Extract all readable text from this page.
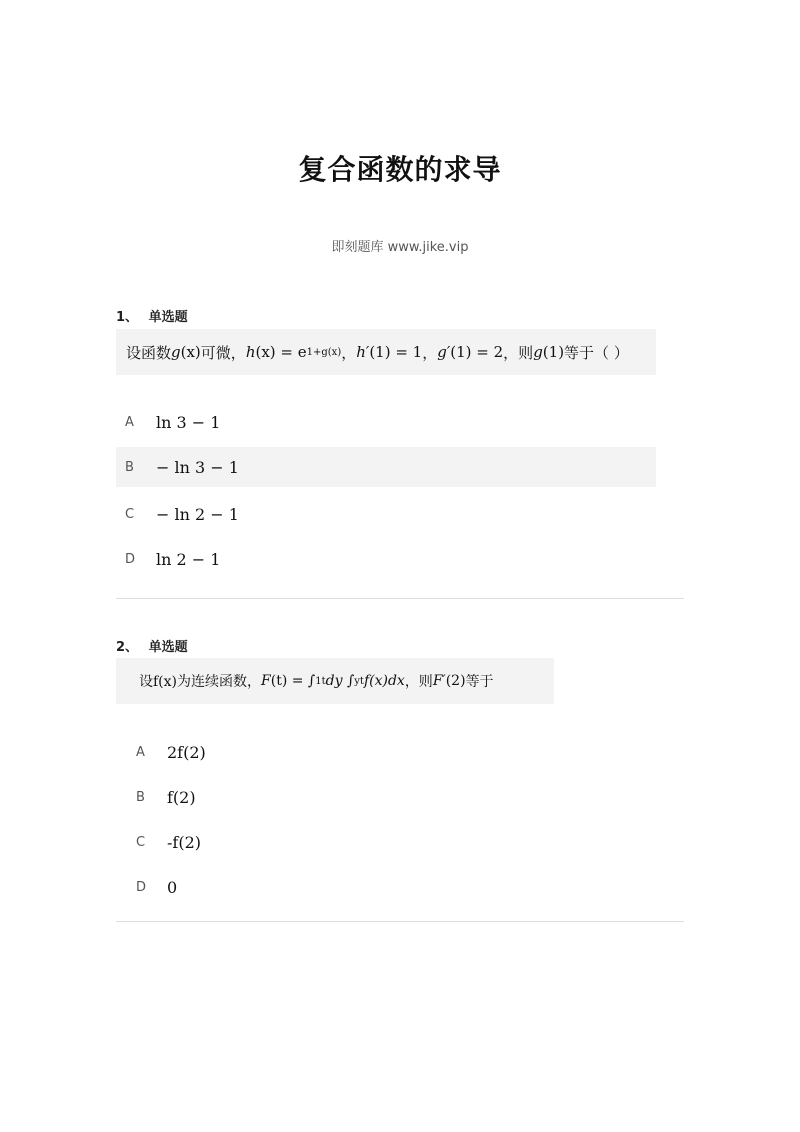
复合函数的求导
即刻题库 www.jike.vip
1、 单选题
设函数 g (x) 可微， h (x) = e 1+g(x) ， h′ (1) = 1 ， g′ (1) = 2 ，则 g (1) 等于（ ）
A	ln 3 − 1
B	− ln 3 − 1
C	− ln 2 − 1
D	ln 2 − 1
2、 单选题
设f(x)为连续函数， F (t) = ∫ 1 t dy ∫ y t f (x)dx ，则 F′ (2) 等于
A	2f(2)
B	f(2)
C	-f(2)
D	0
